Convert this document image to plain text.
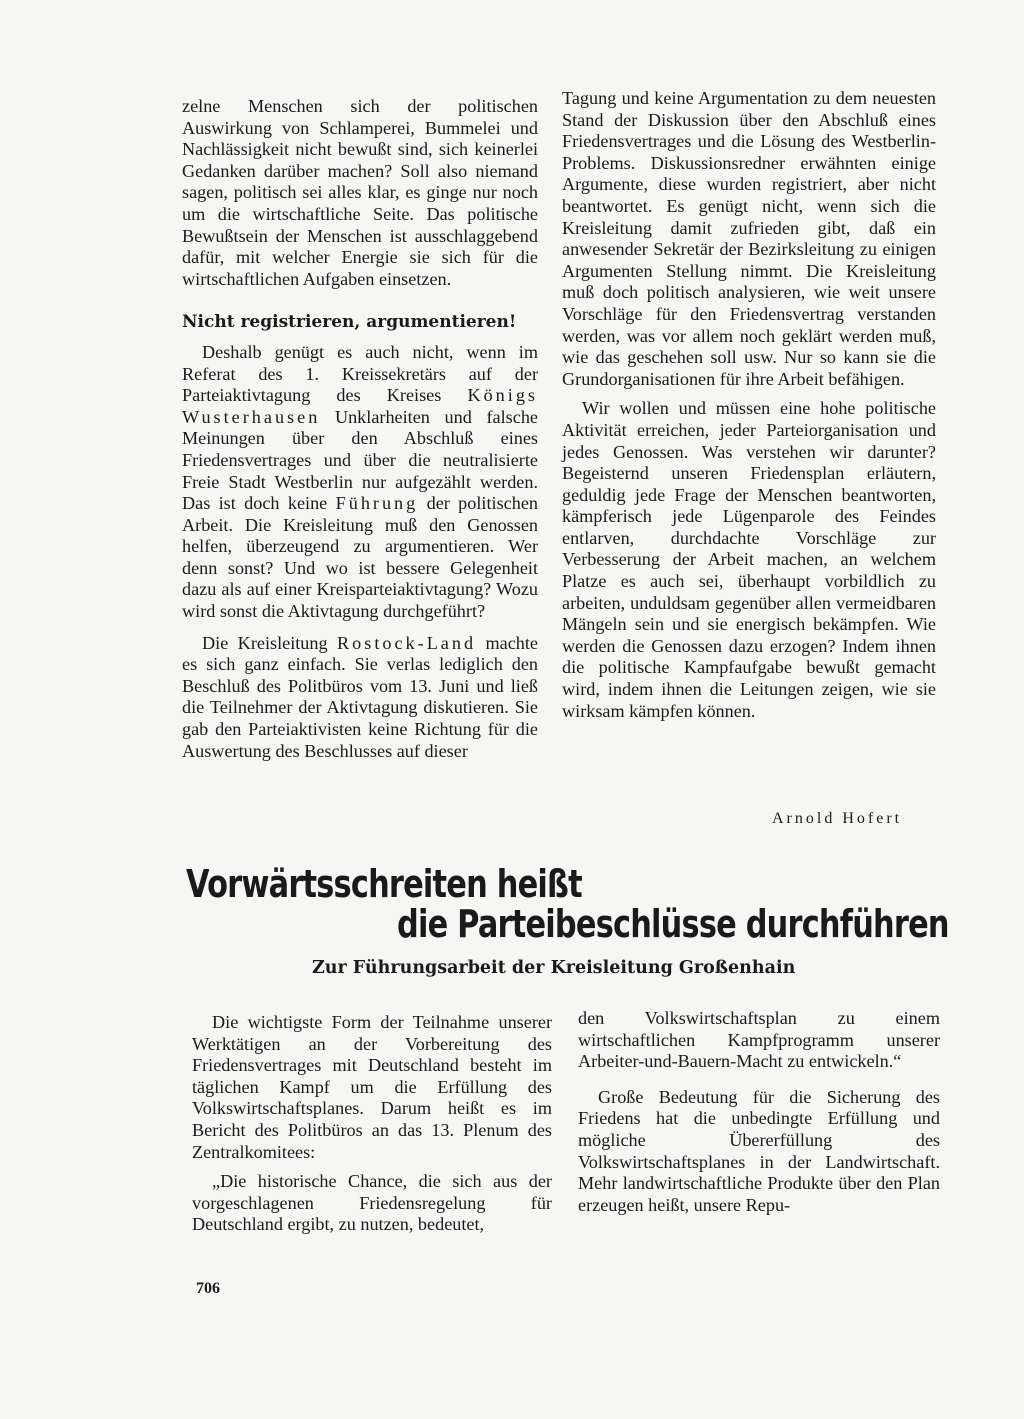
zelne Menschen sich der politischen Auswirkung von Schlamperei, Bummelei und Nachlässigkeit nicht bewußt sind, sich keinerlei Gedanken darüber machen? Soll also niemand sagen, politisch sei alles klar, es ginge nur noch um die wirtschaftliche Seite. Das politische Bewußtsein der Menschen ist ausschlaggebend dafür, mit welcher Energie sie sich für die wirtschaftlichen Aufgaben einsetzen.

Nicht registrieren, argumentieren!

Deshalb genügt es auch nicht, wenn im Referat des 1. Kreissekretärs auf der Parteiaktivtagung des Kreises Königs Wusterhausen Unklarheiten und falsche Meinungen über den Abschluß eines Friedensvertrages und über die neutralisierte Freie Stadt Westberlin nur aufgezählt werden. Das ist doch keine Führung der politischen Arbeit. Die Kreisleitung muß den Genossen helfen, überzeugend zu argumentieren. Wer denn sonst? Und wo ist bessere Gelegenheit dazu als auf einer Kreisparteiaktivtagung? Wozu wird sonst die Aktivtagung durchgeführt?

Die Kreisleitung Rostock-Land machte es sich ganz einfach. Sie verlas lediglich den Beschluß des Politbüros vom 13. Juni und ließ die Teilnehmer der Aktivtagung diskutieren. Sie gab den Parteiaktivisten keine Richtung für die Auswertung des Beschlusses auf dieser

Tagung und keine Argumentation zu dem neuesten Stand der Diskussion über den Abschluß eines Friedensvertrages und die Lösung des Westberlin-Problems. Diskussionsredner erwähnten einige Argumente, diese wurden registriert, aber nicht beantwortet. Es genügt nicht, wenn sich die Kreisleitung damit zufrieden gibt, daß ein anwesender Sekretär der Bezirksleitung zu einigen Argumenten Stellung nimmt. Die Kreisleitung muß doch politisch analysieren, wie weit unsere Vorschläge für den Friedensvertrag verstanden werden, was vor allem noch geklärt werden muß, wie das geschehen soll usw. Nur so kann sie die Grundorganisationen für ihre Arbeit befähigen.

Wir wollen und müssen eine hohe politische Aktivität erreichen, jeder Parteiorganisation und jedes Genossen. Was verstehen wir darunter? Begeisternd unseren Friedensplan erläutern, geduldig jede Frage der Menschen beantworten, kämpferisch jede Lügenparole des Feindes entlarven, durchdachte Vorschläge zur Verbesserung der Arbeit machen, an welchem Platze es auch sei, überhaupt vorbildlich zu arbeiten, unduldsam gegenüber allen vermeidbaren Mängeln sein und sie energisch bekämpfen. Wie werden die Genossen dazu erzogen? Indem ihnen die politische Kampfaufgabe bewußt gemacht wird, indem ihnen die Leitungen zeigen, wie sie wirksam kämpfen können.

Arnold Hofert
Vorwärtsschreiten heißt
die Parteibeschlüsse durchführen
Zur Führungsarbeit der Kreisleitung Großenhain

Die wichtigste Form der Teilnahme unserer Werktätigen an der Vorbereitung des Friedensvertrages mit Deutschland besteht im täglichen Kampf um die Erfüllung des Volkswirtschaftsplanes. Darum heißt es im Bericht des Politbüros an das 13. Plenum des Zentralkomitees:

„Die historische Chance, die sich aus der vorgeschlagenen Friedensregelung für Deutschland ergibt, zu nutzen, bedeutet,

den Volkswirtschaftsplan zu einem wirtschaftlichen Kampfprogramm unserer Arbeiter-und-Bauern-Macht zu entwickeln.“

Große Bedeutung für die Sicherung des Friedens hat die unbedingte Erfüllung und mögliche Übererfüllung des Volkswirtschaftsplanes in der Landwirtschaft. Mehr landwirtschaftliche Produkte über den Plan erzeugen heißt, unsere Repu-

706
